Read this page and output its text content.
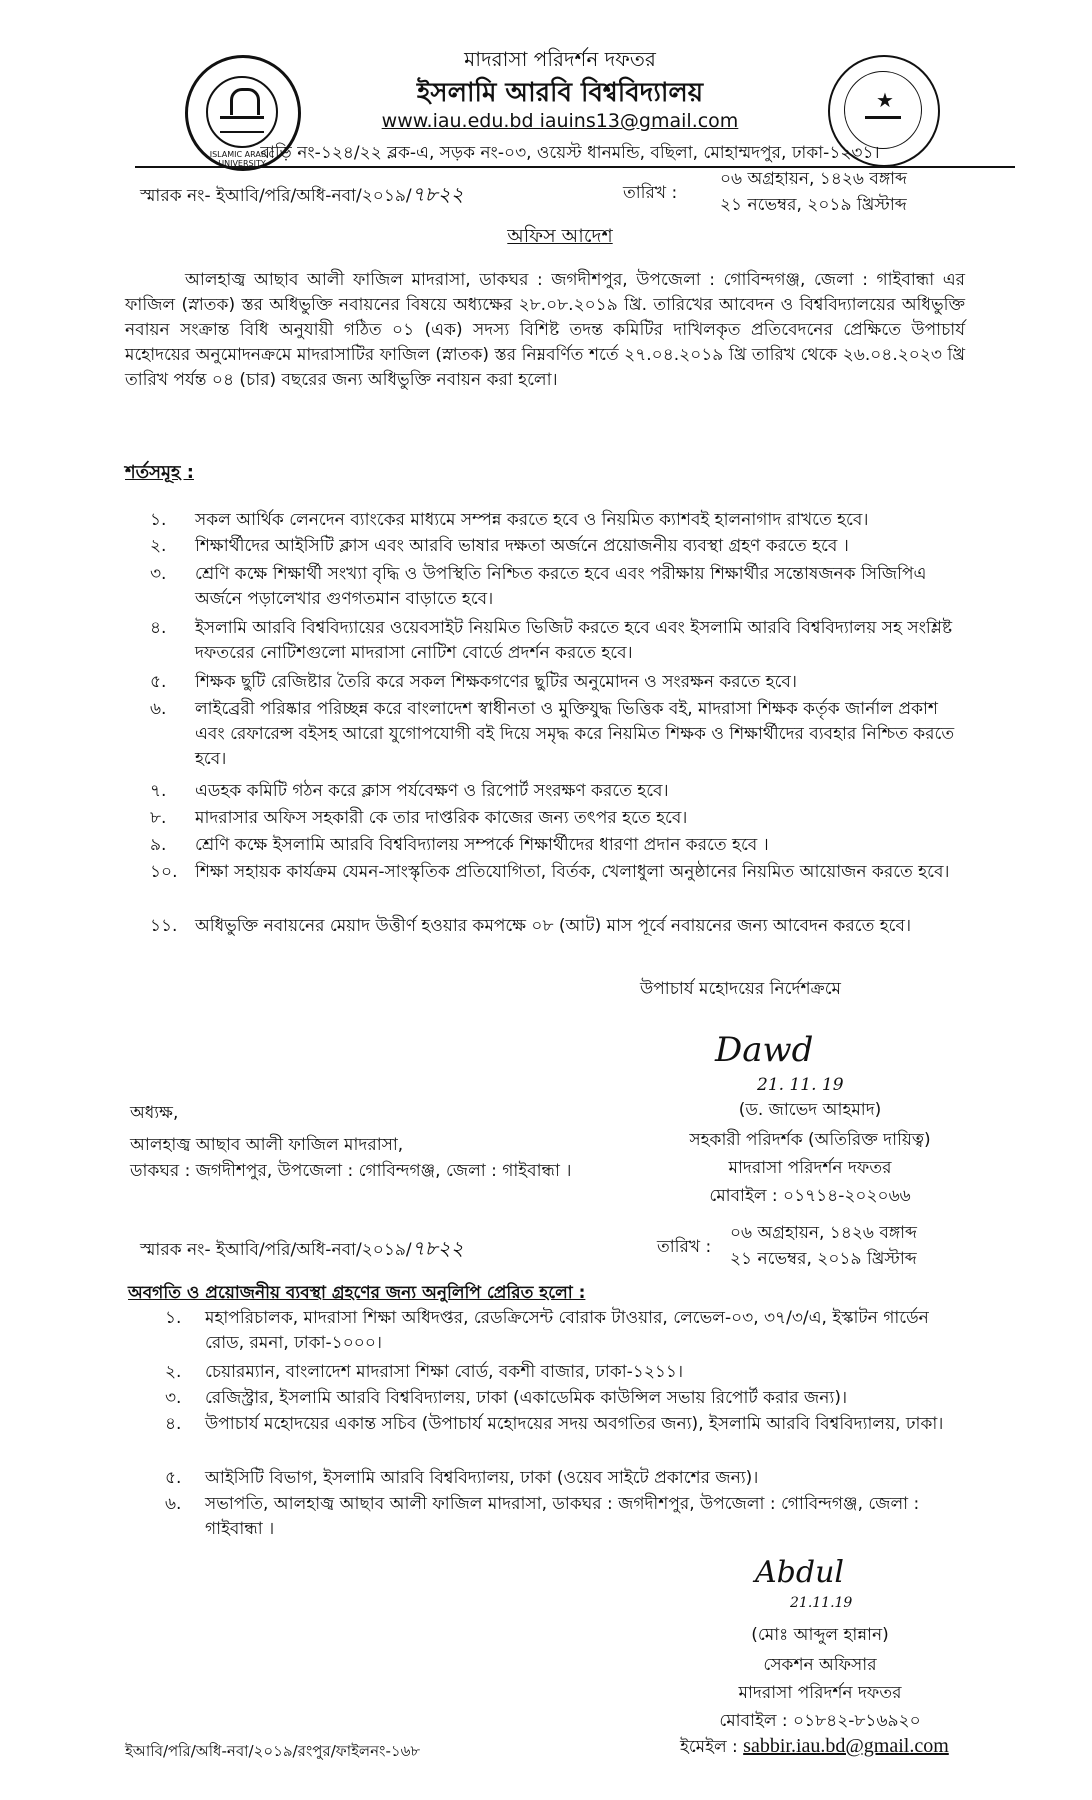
ISLAMIC ARABIC UNIVERSITY
★
মাদরাসা পরিদর্শন দফতর
ইসলামি আরবি বিশ্ববিদ্যালয়
www.iau.edu.bd iauins13@gmail.com
বাড়ি নং-১২৪/২২ ব্লক-এ, সড়ক নং-০৩, ওয়েস্ট ধানমন্ডি, বছিলা, মোহাম্মদপুর, ঢাকা-১২৩১।
স্মারক নং- ইআবি/পরি/অধি-নবা/২০১৯/৭৮২২	তারিখ :
০৬ অগ্রহায়ন, ১৪২৬ বঙ্গাব্দ
২১ নভেম্বর, ২০১৯ খ্রিস্টাব্দ
অফিস আদেশ
আলহাজ্ব আছাব আলী ফাজিল মাদরাসা, ডাকঘর : জগদীশপুর, উপজেলা : গোবিন্দগঞ্জ, জেলা : গাইবান্ধা এর ফাজিল (স্নাতক) স্তর অধিভুক্তি নবায়নের বিষয়ে অধ্যক্ষের ২৮.০৮.২০১৯ খ্রি. তারিখের আবেদন ও বিশ্ববিদ্যালয়ের অধিভুক্তি নবায়ন সংক্রান্ত বিধি অনুযায়ী গঠিত ০১ (এক) সদস্য বিশিষ্ট তদন্ত কমিটির দাখিলকৃত প্রতিবেদনের প্রেক্ষিতে উপাচার্য মহোদয়ের অনুমোদনক্রমে মাদরাসাটির ফাজিল (স্নাতক) স্তর নিম্নবর্ণিত শর্তে ২৭.০৪.২০১৯ খ্রি তারিখ থেকে ২৬.০৪.২০২৩ খ্রি তারিখ পর্যন্ত ০৪ (চার) বছরের জন্য অধিভুক্তি নবায়ন করা হলো।
শর্তসমূহ :
১.	সকল আর্থিক লেনদেন ব্যাংকের মাধ্যমে সম্পন্ন করতে হবে ও নিয়মিত ক্যাশবই হালনাগাদ রাখতে হবে।
২.	শিক্ষার্থীদের আইসিটি ক্লাস এবং আরবি ভাষার দক্ষতা অর্জনে প্রয়োজনীয় ব্যবস্থা গ্রহণ করতে হবে ।
৩.	শ্রেণি কক্ষে শিক্ষার্থী সংখ্যা বৃদ্ধি ও উপস্থিতি নিশ্চিত করতে হবে এবং পরীক্ষায় শিক্ষার্থীর সন্তোষজনক সিজিপিএ অর্জনে পড়ালেখার গুণগতমান বাড়াতে হবে।
৪.	ইসলামি আরবি বিশ্ববিদ্যায়ের ওয়েবসাইট নিয়মিত ভিজিট করতে হবে এবং ইসলামি আরবি বিশ্ববিদ্যালয় সহ সংশ্লিষ্ট দফতরের নোটিশগুলো মাদরাসা নোটিশ বোর্ডে প্রদর্শন করতে হবে।
৫.	শিক্ষক ছুটি রেজিষ্টার তৈরি করে সকল শিক্ষকগণের ছুটির অনুমোদন ও সংরক্ষন করতে হবে।
৬.	লাইব্রেরী পরিষ্কার পরিচ্ছন্ন করে বাংলাদেশ স্বাধীনতা ও মুক্তিযুদ্ধ ভিত্তিক বই, মাদরাসা শিক্ষক কর্তৃক জার্নাল প্রকাশ এবং রেফারেন্স বইসহ আরো যুগোপযোগী বই দিয়ে সমৃদ্ধ করে নিয়মিত শিক্ষক ও শিক্ষার্থীদের ব্যবহার নিশ্চিত করতে হবে।
৭.	এডহক কমিটি গঠন করে ক্লাস পর্যবেক্ষণ ও রিপোর্ট সংরক্ষণ করতে হবে।
৮.	মাদরাসার অফিস সহকারী কে তার দাপ্তরিক কাজের জন্য তৎপর হতে হবে।
৯.	শ্রেণি কক্ষে ইসলামি আরবি বিশ্ববিদ্যালয় সম্পর্কে শিক্ষার্থীদের ধারণা প্রদান করতে হবে ।
১০.	শিক্ষা সহায়ক কার্যক্রম যেমন-সাংস্কৃতিক প্রতিযোগিতা, বির্তক, খেলাধুলা অনুষ্ঠানের নিয়মিত আয়োজন করতে হবে।
১১.	অধিভুক্তি নবায়নের মেয়াদ উত্তীর্ণ হওয়ার কমপক্ষে ০৮ (আট) মাস পূর্বে নবায়নের জন্য আবেদন করতে হবে।
উপাচার্য মহোদয়ের নির্দেশক্রমে
Dawd
21. 11. 19
(ড. জাভেদ আহমাদ)
সহকারী পরিদর্শক (অতিরিক্ত দায়িত্ব)
মাদরাসা পরিদর্শন দফতর
মোবাইল : ০১৭১৪-২০২০৬৬
অধ্যক্ষ,
আলহাজ্ব আছাব আলী ফাজিল মাদরাসা,
ডাকঘর : জগদীশপুর, উপজেলা : গোবিন্দগঞ্জ, জেলা : গাইবান্ধা ।
স্মারক নং- ইআবি/পরি/অধি-নবা/২০১৯/৭৮২২	তারিখ :
০৬ অগ্রহায়ন, ১৪২৬ বঙ্গাব্দ
২১ নভেম্বর, ২০১৯ খ্রিস্টাব্দ
অবগতি ও প্রয়োজনীয় ব্যবস্থা গ্রহণের জন্য অনুলিপি প্রেরিত হলো :
১.	মহাপরিচালক, মাদরাসা শিক্ষা অধিদপ্তর, রেডক্রিসেন্ট বোরাক টাওয়ার, লেভেল-০৩, ৩৭/৩/এ, ইস্কাটন গার্ডেন রোড, রমনা, ঢাকা-১০০০।
২.	চেয়ারম্যান, বাংলাদেশ মাদরাসা শিক্ষা বোর্ড, বকশী বাজার, ঢাকা-১২১১।
৩.	রেজিস্ট্রার, ইসলামি আরবি বিশ্ববিদ্যালয়, ঢাকা (একাডেমিক কাউন্সিল সভায় রিপোর্ট করার জন্য)।
৪.	উপাচার্য মহোদয়ের একান্ত সচিব (উপাচার্য মহোদয়ের সদয় অবগতির জন্য), ইসলামি আরবি বিশ্ববিদ্যালয়, ঢাকা।
৫.	আইসিটি বিভাগ, ইসলামি আরবি বিশ্ববিদ্যালয়, ঢাকা (ওয়েব সাইটে প্রকাশের জন্য)।
৬.	সভাপতি, আলহাজ্ব আছাব আলী ফাজিল মাদরাসা, ডাকঘর : জগদীশপুর, উপজেলা : গোবিন্দগঞ্জ, জেলা : গাইবান্ধা ।
Abdul
21.11.19
(মোঃ আব্দুল হান্নান)
সেকশন অফিসার
মাদরাসা পরিদর্শন দফতর
মোবাইল : ০১৮৪২-৮১৬৯২০
ইমেইল : sabbir.iau.bd@gmail.com
ইআবি/পরি/অধি-নবা/২০১৯/রংপুর/ফাইলনং-১৬৮
